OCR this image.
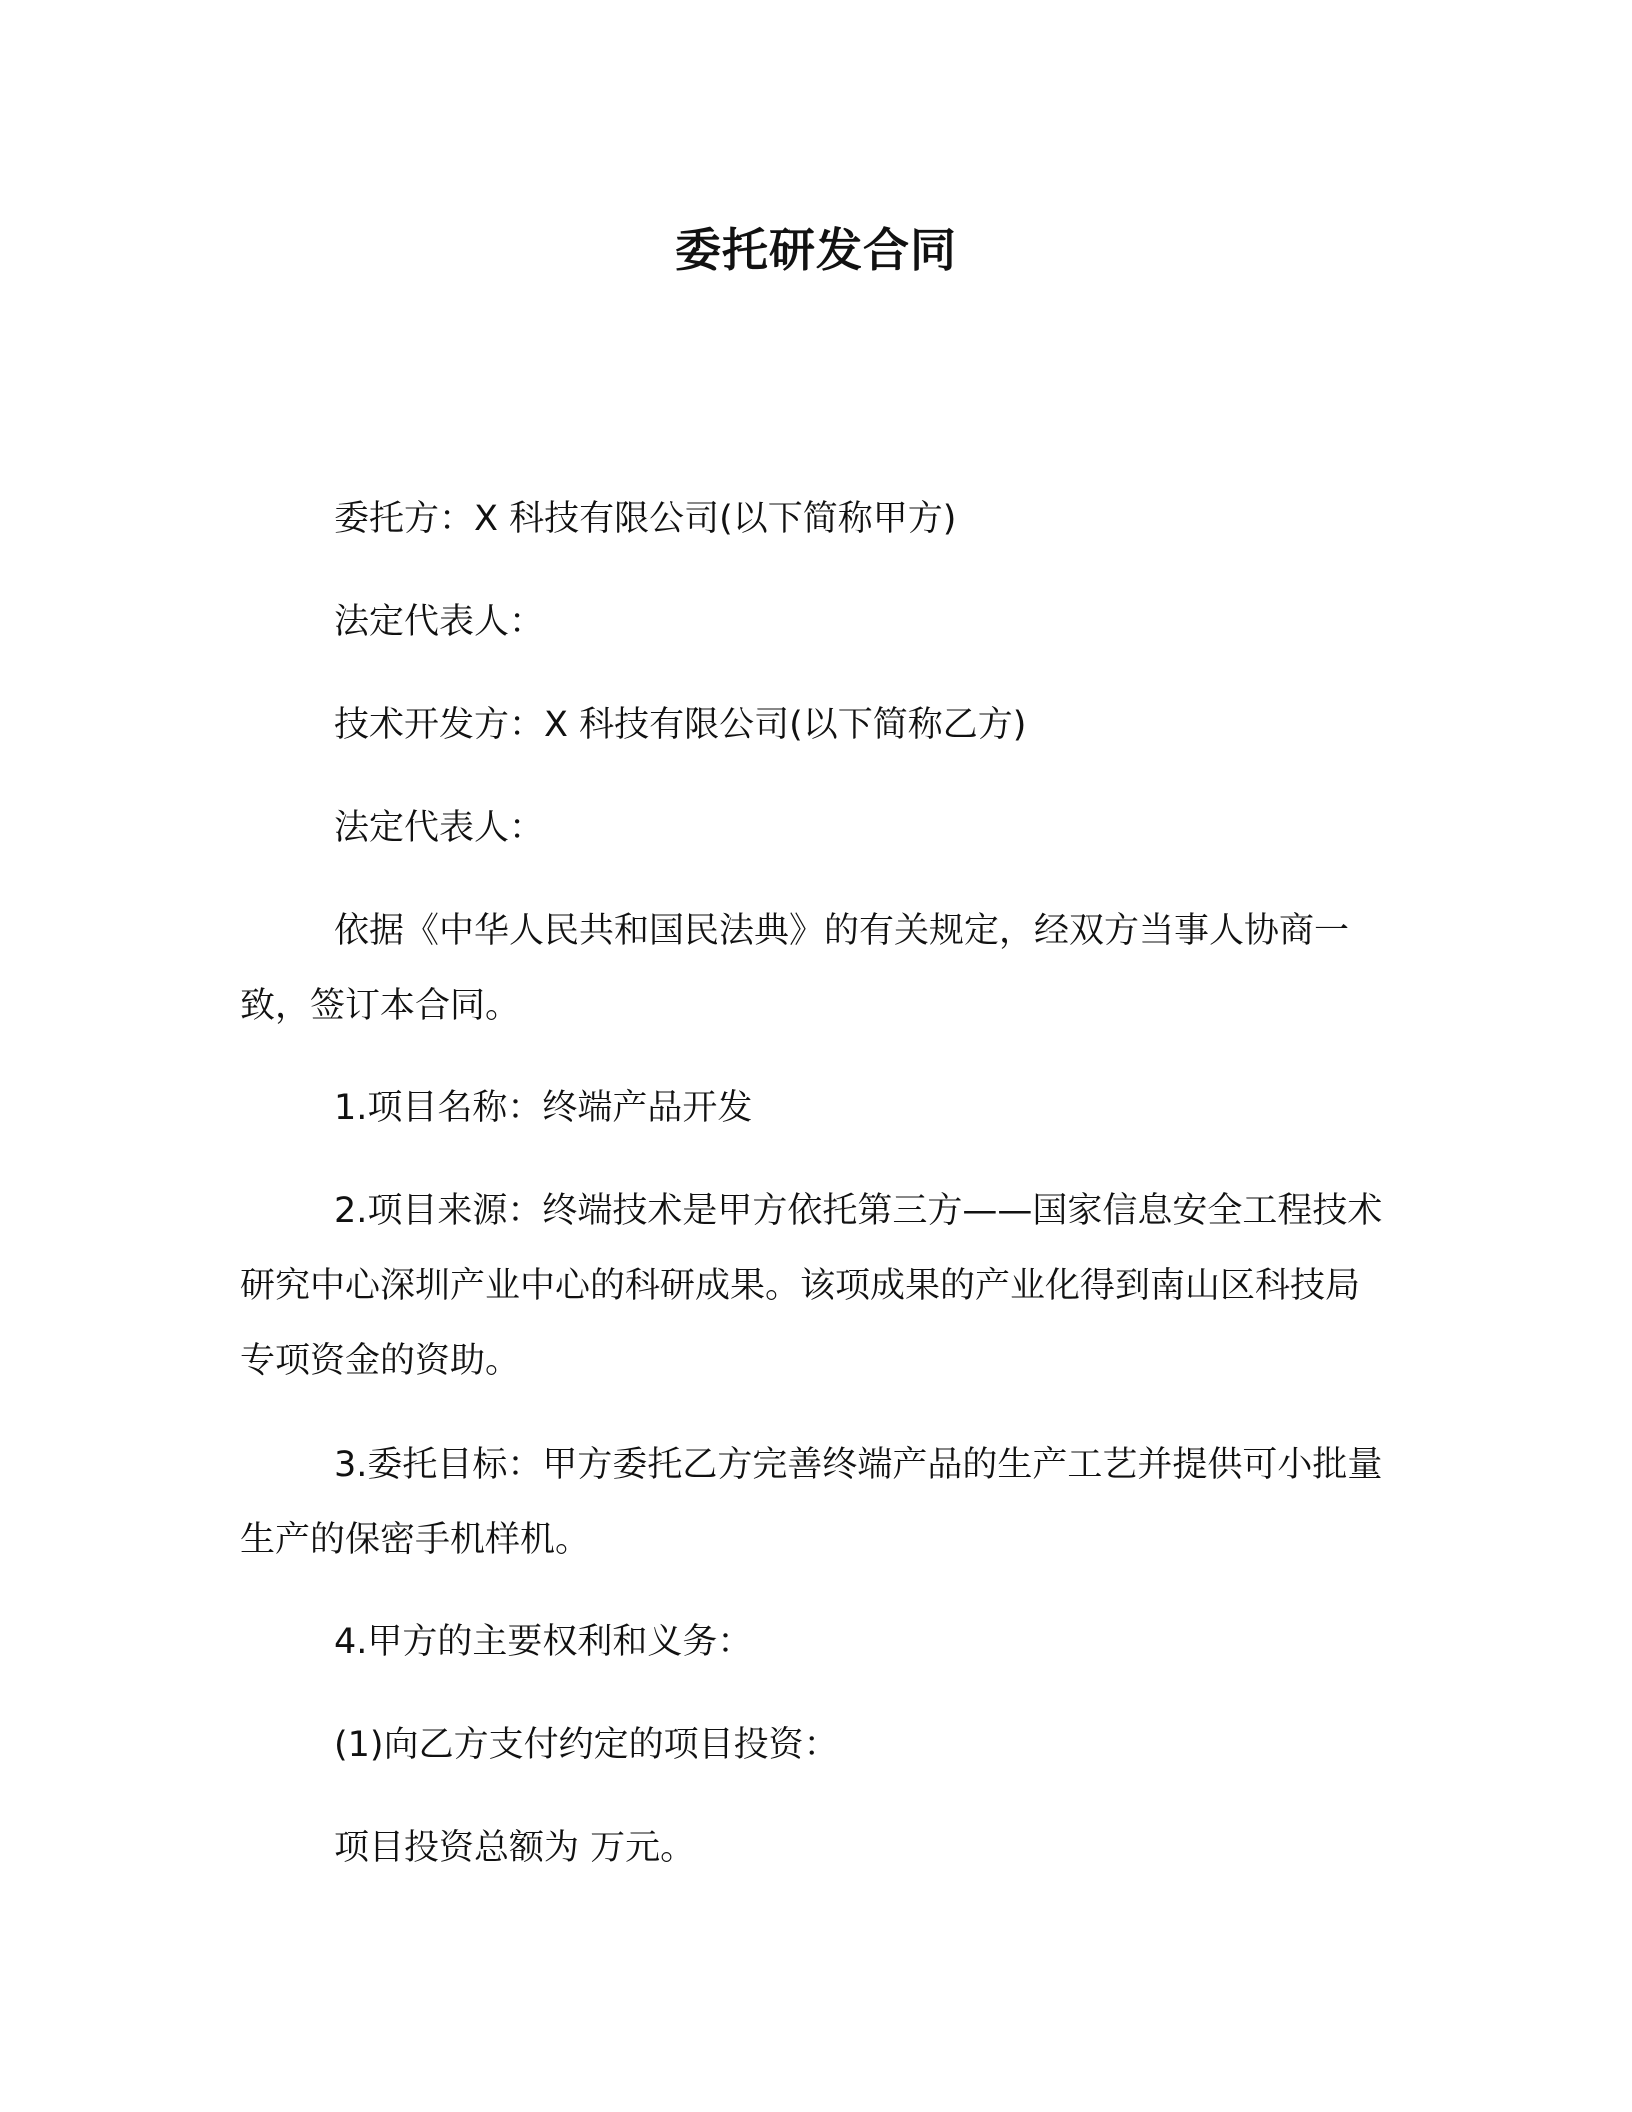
委托研发合同

委托方：X 科技有限公司(以下简称甲方)

法定代表人：

技术开发方：X 科技有限公司(以下简称乙方)

法定代表人：

依据《中华人民共和国民法典》的有关规定，经双方当事人协商一致，签订本合同。

1.项目名称：终端产品开发

2.项目来源：终端技术是甲方依托第三方——国家信息安全工程技术研究中心深圳产业中心的科研成果。该项成果的产业化得到南山区科技局专项资金的资助。

3.委托目标：甲方委托乙方完善终端产品的生产工艺并提供可小批量生产的保密手机样机。

4.甲方的主要权利和义务：

(1)向乙方支付约定的项目投资：

项目投资总额为 万元。
